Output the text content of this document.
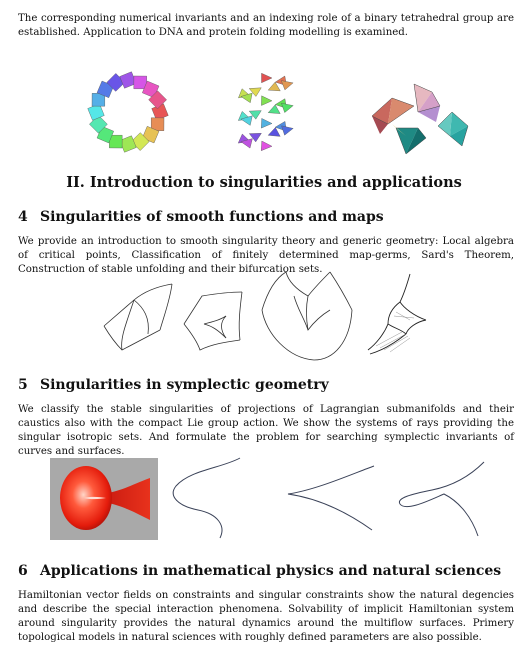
The corresponding numerical invariants and an indexing role of a binary tetrahedral group are established. Application to DNA and protein folding modelling is examined.

II. Introduction to singularities and applications
4 Singularities of smooth functions and maps

We provide an introduction to smooth singularity theory and generic geometry: Local algebra of critical points, Classification of finitely determined map-germs, Sard's Theorem, Construction of stable unfolding and their bifurcation sets.

5 Singularities in symplectic geometry

We classify the stable singularities of projections of Lagrangian submanifolds and their caustics also with the compact Lie group action. We show the systems of rays providing the singular isotropic sets. And formulate the problem for searching symplectic invariants of curves and surfaces.

6 Applications in mathematical physics and natural sciences

Hamiltonian vector fields on constraints and singular constraints show the natural degencies and describe the special interaction phenomena. Solvability of implicit Hamiltonian system around singularity provides the natural dynamics around the multiflow surfaces. Primery topological models in natural sciences with roughly defined parameters are also possible.
